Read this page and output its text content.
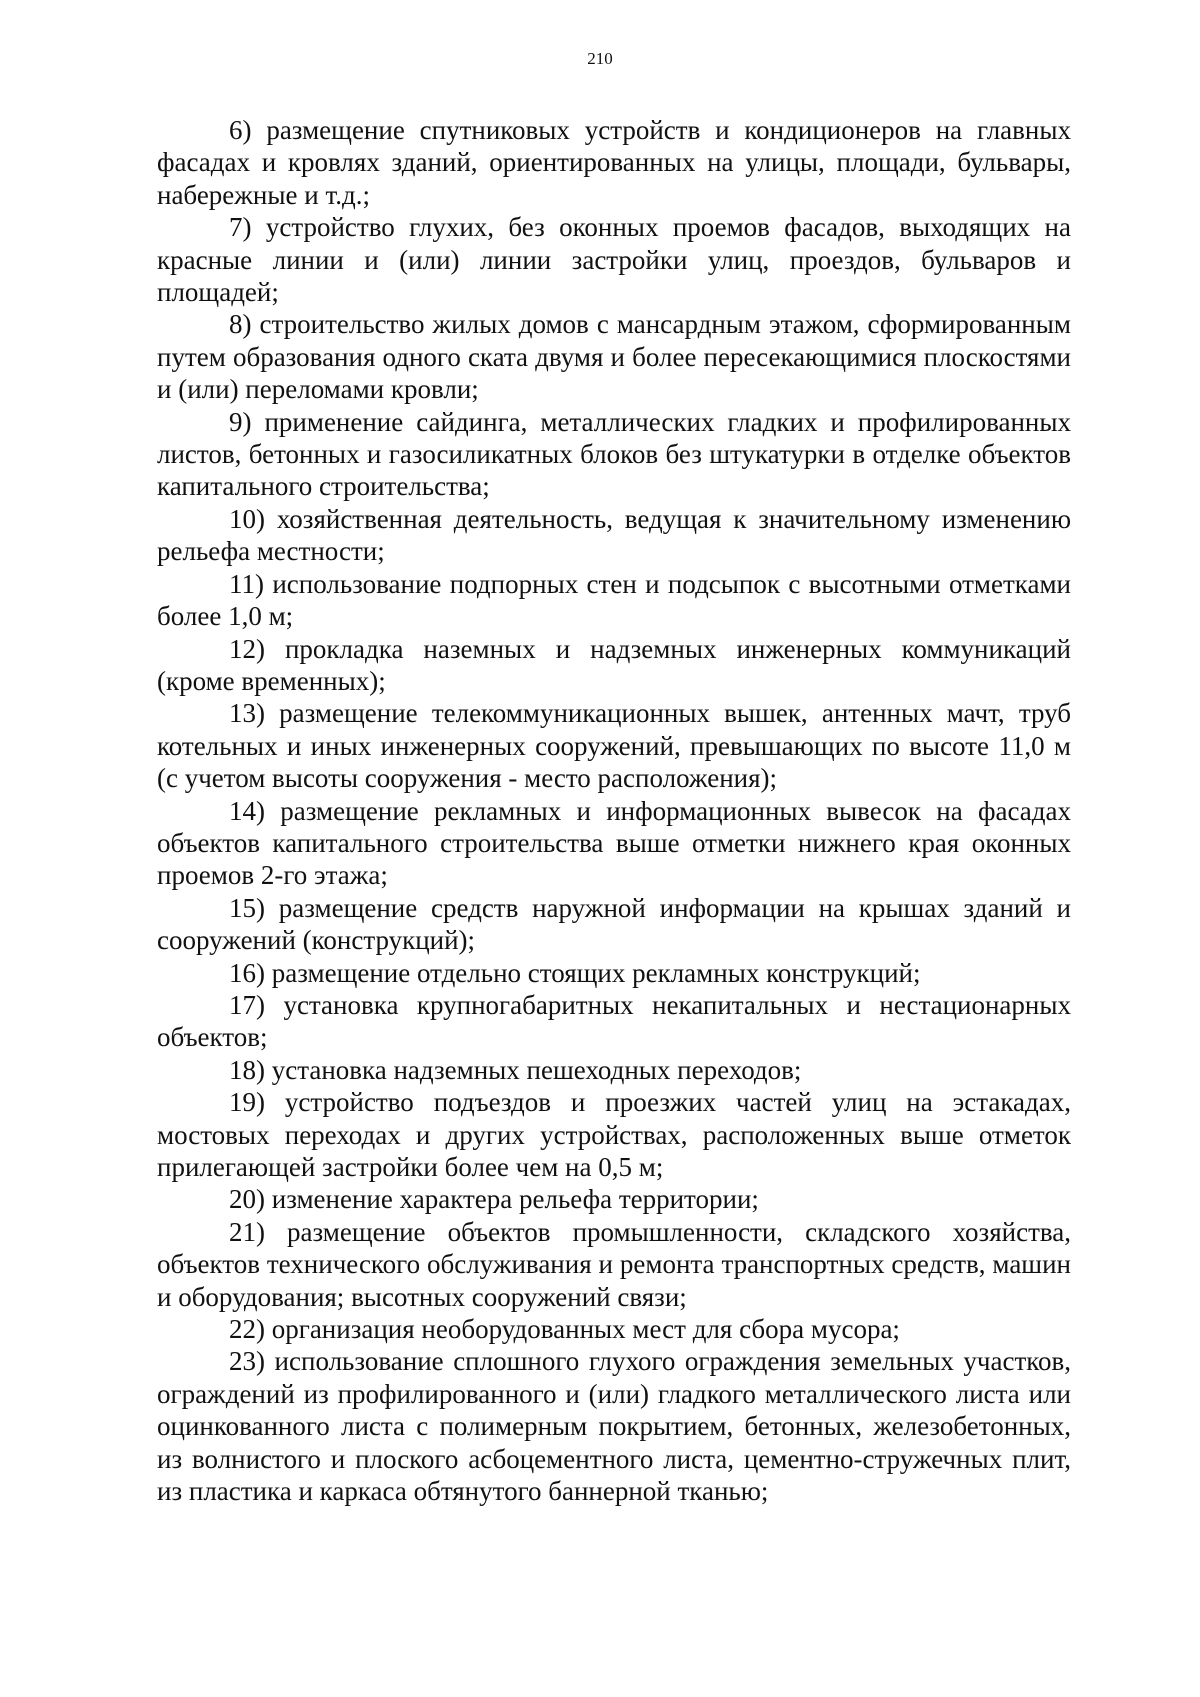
210

6) размещение спутниковых устройств и кондиционеров на главных фасадах и кровлях зданий, ориентированных на улицы, площади, бульвары, набережные и т.д.;

7) устройство глухих, без оконных проемов фасадов, выходящих на красные линии и (или) линии застройки улиц, проездов, бульваров и площадей;

8) строительство жилых домов с мансардным этажом, сформированным путем образования одного ската двумя и более пересекающимися плоскостями и (или) переломами кровли;

9) применение сайдинга, металлических гладких и профилированных листов, бетонных и газосиликатных блоков без штукатурки в отделке объектов капитального строительства;

10) хозяйственная деятельность, ведущая к значительному изменению рельефа местности;

11) использование подпорных стен и подсыпок с высотными отметками более 1,0 м;

12) прокладка наземных и надземных инженерных коммуникаций (кроме временных);

13) размещение телекоммуникационных вышек, антенных мачт, труб котельных и иных инженерных сооружений, превышающих по высоте 11,0 м (с учетом высоты сооружения - место расположения);

14) размещение рекламных и информационных вывесок на фасадах объектов капитального строительства выше отметки нижнего края оконных проемов 2-го этажа;

15) размещение средств наружной информации на крышах зданий и сооружений (конструкций);

16) размещение отдельно стоящих рекламных конструкций;

17) установка крупногабаритных некапитальных и нестационарных объектов;

18) установка надземных пешеходных переходов;

19) устройство подъездов и проезжих частей улиц на эстакадах, мостовых переходах и других устройствах, расположенных выше отметок прилегающей застройки более чем на 0,5 м;

20) изменение характера рельефа территории;

21) размещение объектов промышленности, складского хозяйства, объектов технического обслуживания и ремонта транспортных средств, машин и оборудования; высотных сооружений связи;

22) организация необорудованных мест для сбора мусора;

23) использование сплошного глухого ограждения земельных участков, ограждений из профилированного и (или) гладкого металлического листа или оцинкованного листа с полимерным покрытием, бетонных, железобетонных, из волнистого и плоского асбоцементного листа, цементно-стружечных плит, из пластика и каркаса обтянутого баннерной тканью;
